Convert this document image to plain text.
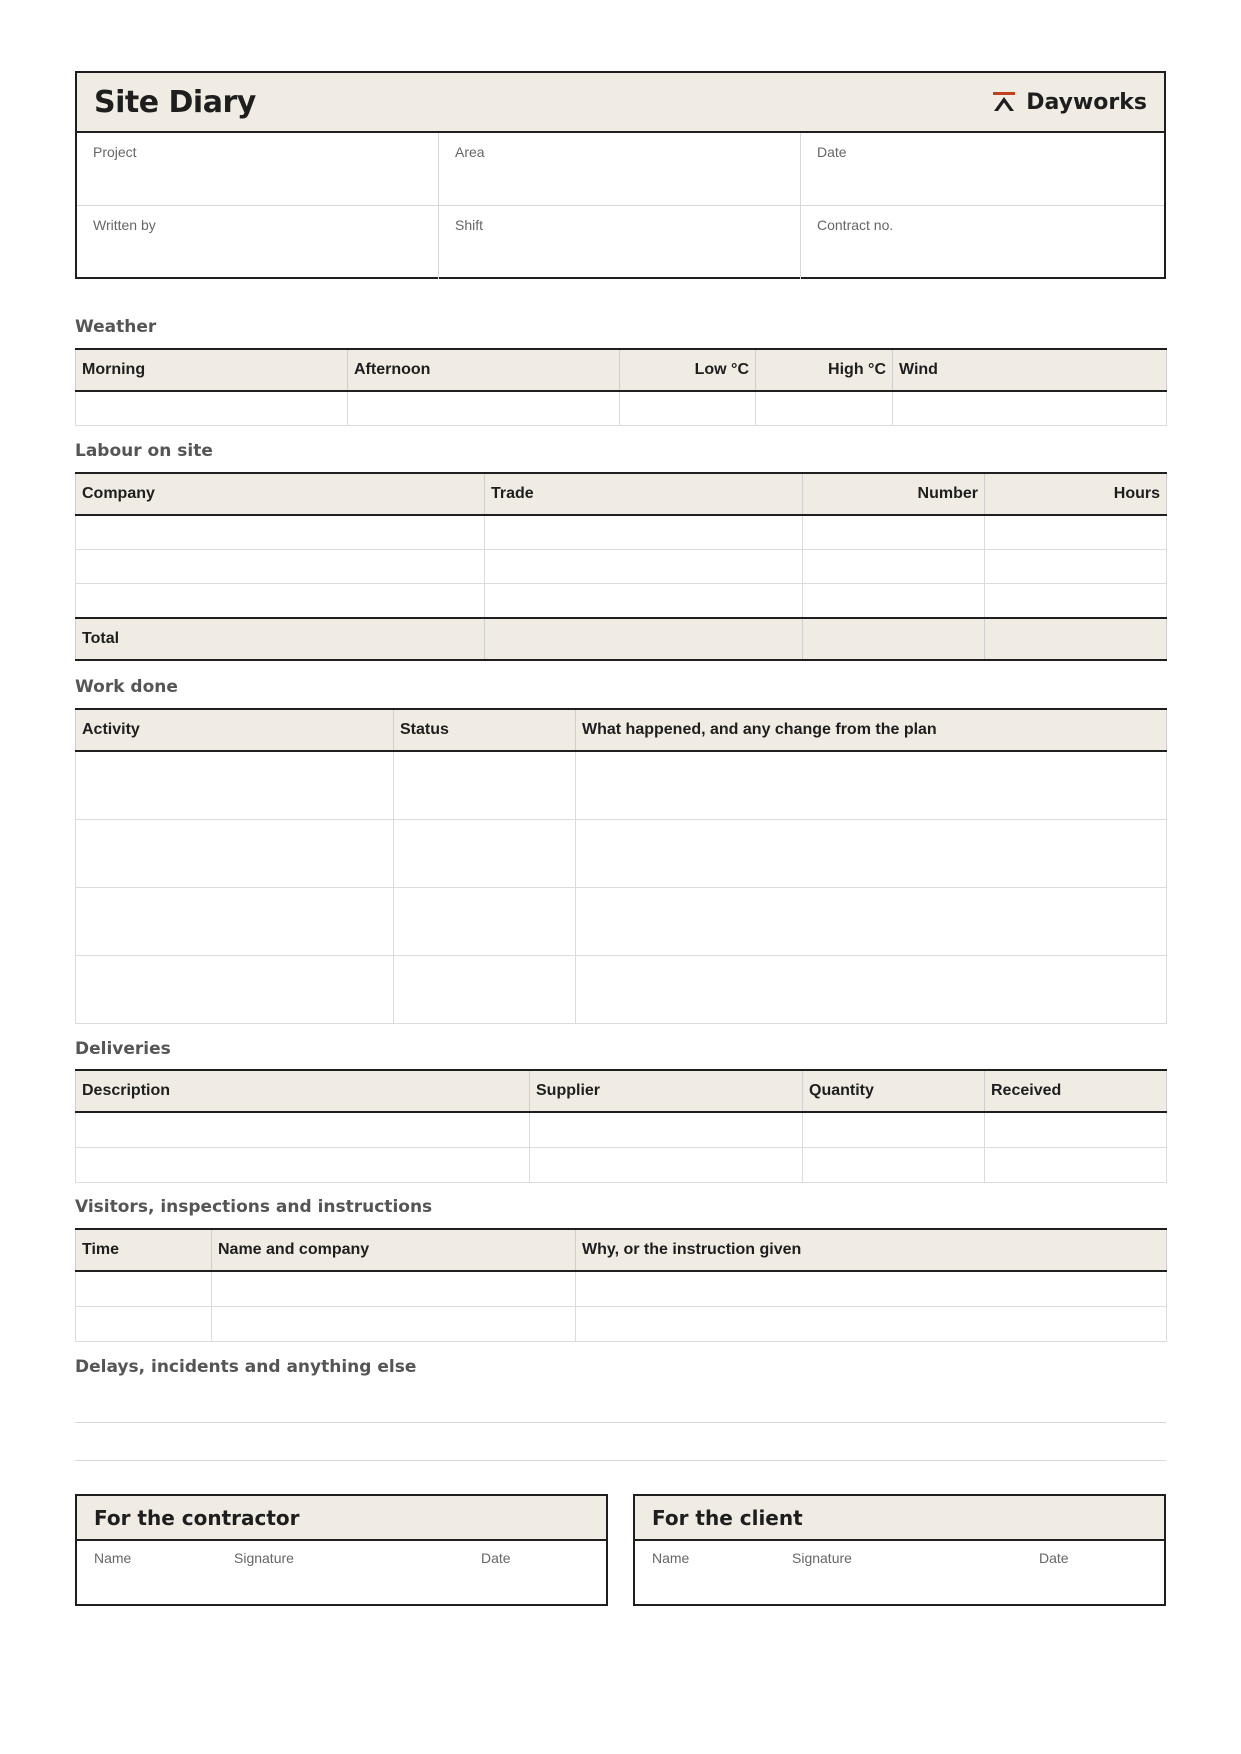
Site Diary	Dayworks
Project	Area	Date
Written by	Shift	Contract no.
Weather
Morning	Afternoon	Low °C	High °C	Wind

Labour on site
Company	Trade	Number	Hours

Total			
Work done
Activity	Status	What happened, and any change from the plan

Deliveries
Description	Supplier	Quantity	Received

Visitors, inspections and instructions
Time	Name and company	Why, or the instruction given

Delays, incidents and anything else
For the contractor
Name	Signature	Date
For the client
Name	Signature	Date
